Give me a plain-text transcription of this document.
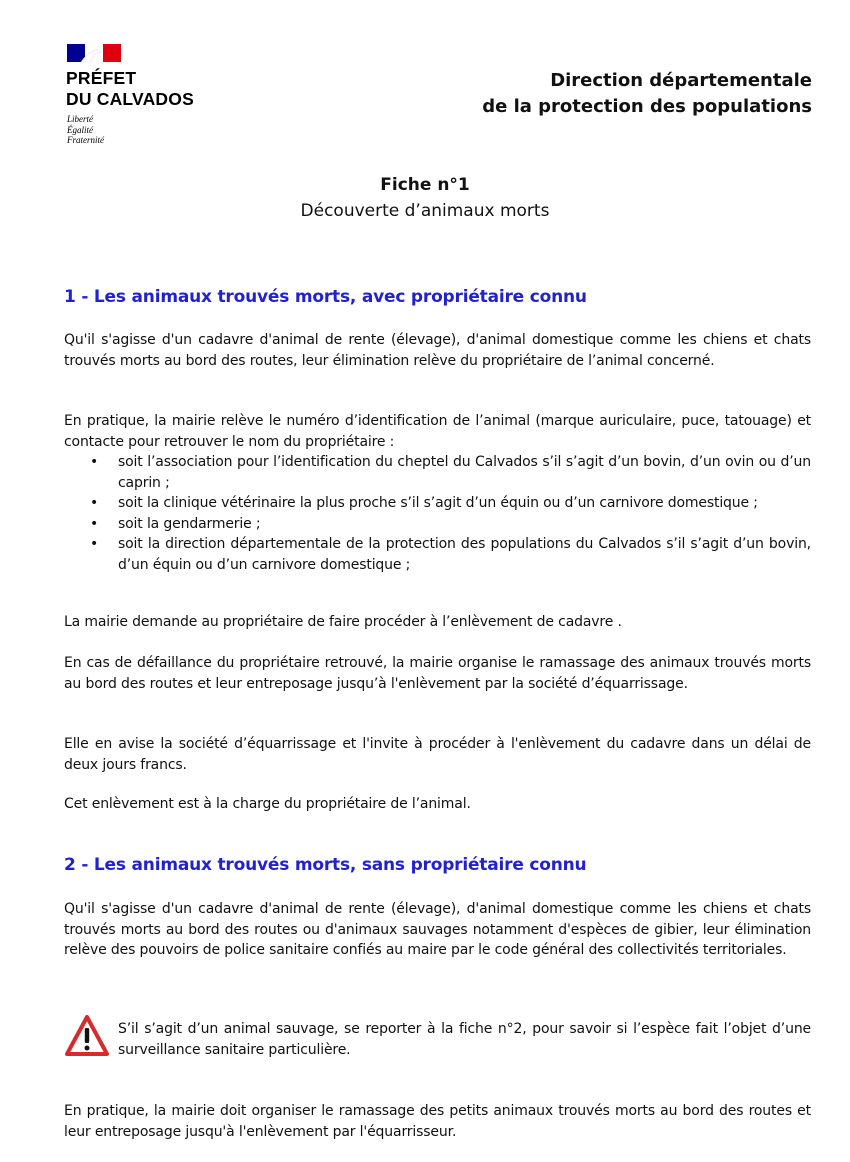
PRÉFET
DU CALVADOS
Liberté
Égalité
Fraternité
Direction départementale
de la protection des populations
Fiche n°1
Découverte d’animaux morts
1 - Les animaux trouvés morts, avec propriétaire connu

Qu'il s'agisse d'un cadavre d'animal de rente (élevage), d'animal domestique comme les chiens et chats trouvés morts au bord des routes, leur élimination relève du propriétaire de l’animal concerné.

En pratique, la mairie relève le numéro d’identification de l’animal (marque auriculaire, puce, tatouage) et contacte pour retrouver le nom du propriétaire :

• soit l’association pour l’identification du cheptel du Calvados s’il s’agit d’un bovin, d’un ovin ou d’un caprin ;
• soit la clinique vétérinaire la plus proche s’il s’agit d’un équin ou d’un carnivore domestique ;
• soit la gendarmerie ;
• soit la direction départementale de la protection des populations du Calvados s’il s’agit d’un bovin, d’un équin ou d’un carnivore domestique ;

La mairie demande au propriétaire de faire procéder à l’enlèvement de cadavre .

En cas de défaillance du propriétaire retrouvé, la mairie organise le ramassage des animaux trouvés morts au bord des routes et leur entreposage jusqu’à l'enlèvement par la société d’équarrissage.

Elle en avise la société d’équarrissage et l'invite à procéder à l'enlèvement du cadavre dans un délai de deux jours francs.

Cet enlèvement est à la charge du propriétaire de l’animal.

2 - Les animaux trouvés morts, sans propriétaire connu

Qu'il s'agisse d'un cadavre d'animal de rente (élevage), d'animal domestique comme les chiens et chats trouvés morts au bord des routes ou d'animaux sauvages notamment d'espèces de gibier, leur élimination relève des pouvoirs de police sanitaire confiés au maire par le code général des collectivités territoriales.

S’il s’agit d’un animal sauvage, se reporter à la fiche n°2, pour savoir si l’espèce fait l’objet d’une surveillance sanitaire particulière.

En pratique, la mairie doit organiser le ramassage des petits animaux trouvés morts au bord des routes et leur entreposage jusqu'à l'enlèvement par l'équarrisseur.
